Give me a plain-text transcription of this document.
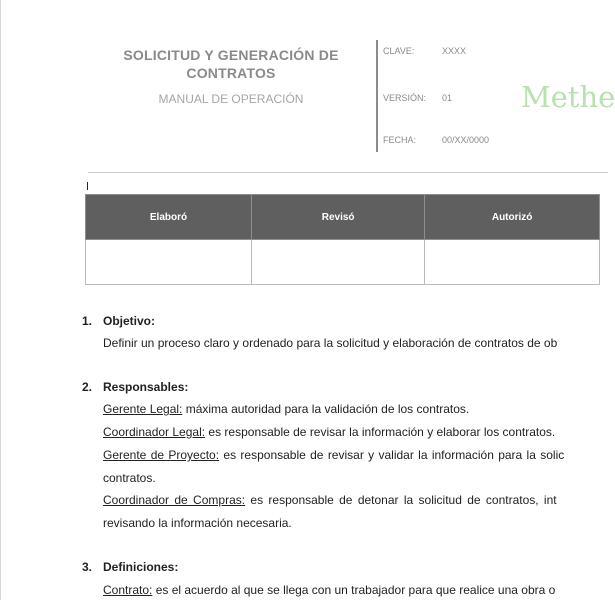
SOLICITUD Y GENERACIÓN DE
CONTRATOS
MANUAL DE OPERACIÓN
CLAVE:	XXXX
VERSIÓN: 01
FECHA:	00/XX/0000
Methe
Elaboró	Revisó	Autorizó

1. Objetivo:
Definir un proceso claro y ordenado para la solicitud y elaboración de contratos de ob
2. Responsables:
Gerente Legal: máxima autoridad para la validación de los contratos.
Coordinador Legal: es responsable de revisar la información y elaborar los contratos.
Gerente de Proyecto: es responsable de revisar y validar la información para la solic
contratos.
Coordinador de Compras: es responsable de detonar la solicitud de contratos, int
revisando la información necesaria.
3. Definiciones:
Contrato: es el acuerdo al que se llega con un trabajador para que realice una obra o
